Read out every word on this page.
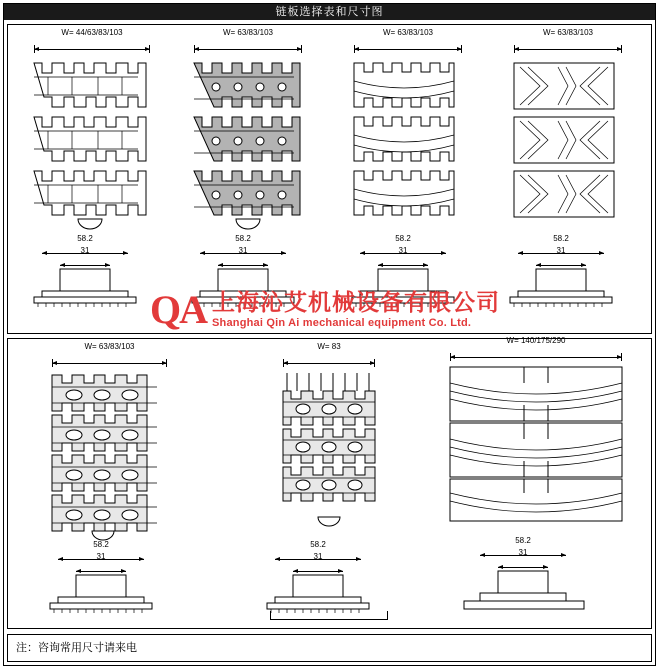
链板选择表和尺寸图
W= 44/63/83/103	W= 63/83/103	W= 63/83/103	W= 63/83/103
58.2
31
58.2
31
58.2
31
58.2
31
W= 63/83/103	W= 83
W= 140/175/290
58.2
31
58.2
31
58.2
31
QA 上海沁艾机械设备有限公司
Shanghai Qin Ai mechanical equipment Co. Ltd.
注：咨询常用尺寸请来电
